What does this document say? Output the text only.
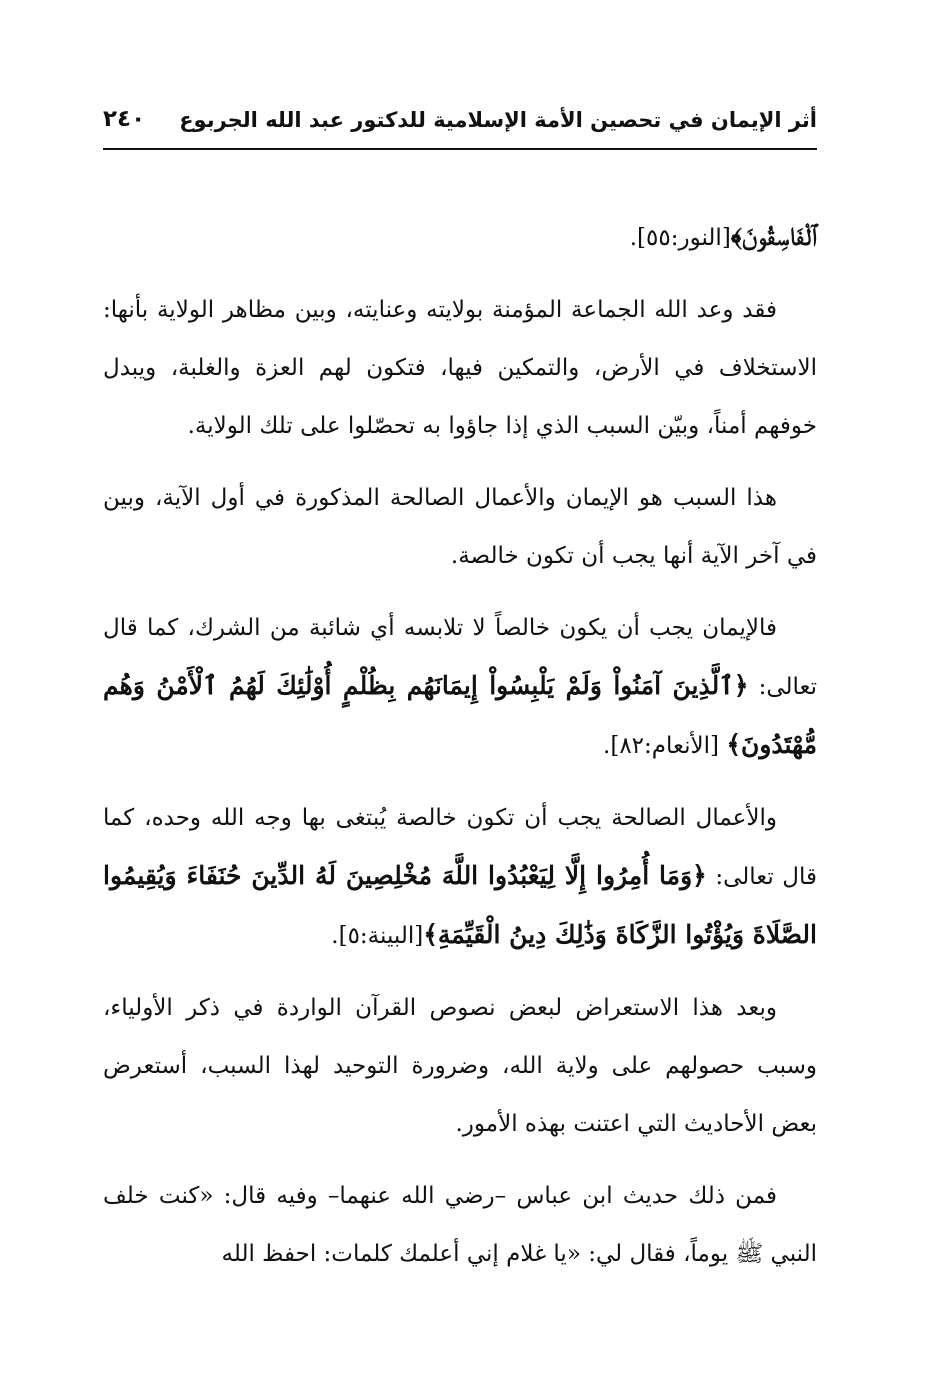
أثر الإيمان في تحصين الأمة الإسلامية للدكتور عبد الله الجربوع
٢٤٠

ﭐلْفَاسِقُونَ﴾[النور:٥٥].

فقد وعد الله الجماعة المؤمنة بولايته وعنايته، وبين مظاهر الولاية بأنها: الاستخلاف في الأرض، والتمكين فيها، فتكون لهم العزة والغلبة، ويبدل خوفهم أمناً، وبيّن السبب الذي إذا جاؤوا به تحصّلوا على تلك الولاية.

هذا السبب هو الإيمان والأعمال الصالحة المذكورة في أول الآية، وبين في آخر الآية أنها يجب أن تكون خالصة.

فالإيمان يجب أن يكون خالصاً لا تلابسه أي شائبة من الشرك، كما قال تعالى: ﴿ٱلَّذِينَ آمَنُواْ وَلَمْ يَلْبِسُواْ إِيمَانَهُم بِظُلْمٍ أُوْلَٰئِكَ لَهُمُ ٱلْأَمْنُ وَهُم مُّهْتَدُونَ﴾ [الأنعام:٨٢].

والأعمال الصالحة يجب أن تكون خالصة يُبتغى بها وجه الله وحده، كما قال تعالى: ﴿وَمَا أُمِرُوا إِلَّا لِيَعْبُدُوا اللَّهَ مُخْلِصِينَ لَهُ الدِّينَ حُنَفَاءَ وَيُقِيمُوا الصَّلَاةَ وَيُؤْتُوا الزَّكَاةَ وَذَٰلِكَ دِينُ الْقَيِّمَةِ﴾[البينة:٥].

وبعد هذا الاستعراض لبعض نصوص القرآن الواردة في ذكر الأولياء، وسبب حصولهم على ولاية الله، وضرورة التوحيد لهذا السبب، أستعرض بعض الأحاديث التي اعتنت بهذه الأمور.

فمن ذلك حديث ابن عباس –رضي الله عنهما– وفيه قال: «كنت خلف النبي ﷺ يوماً، فقال لي: «يا غلام إني أعلمك كلمات: احفظ الله
